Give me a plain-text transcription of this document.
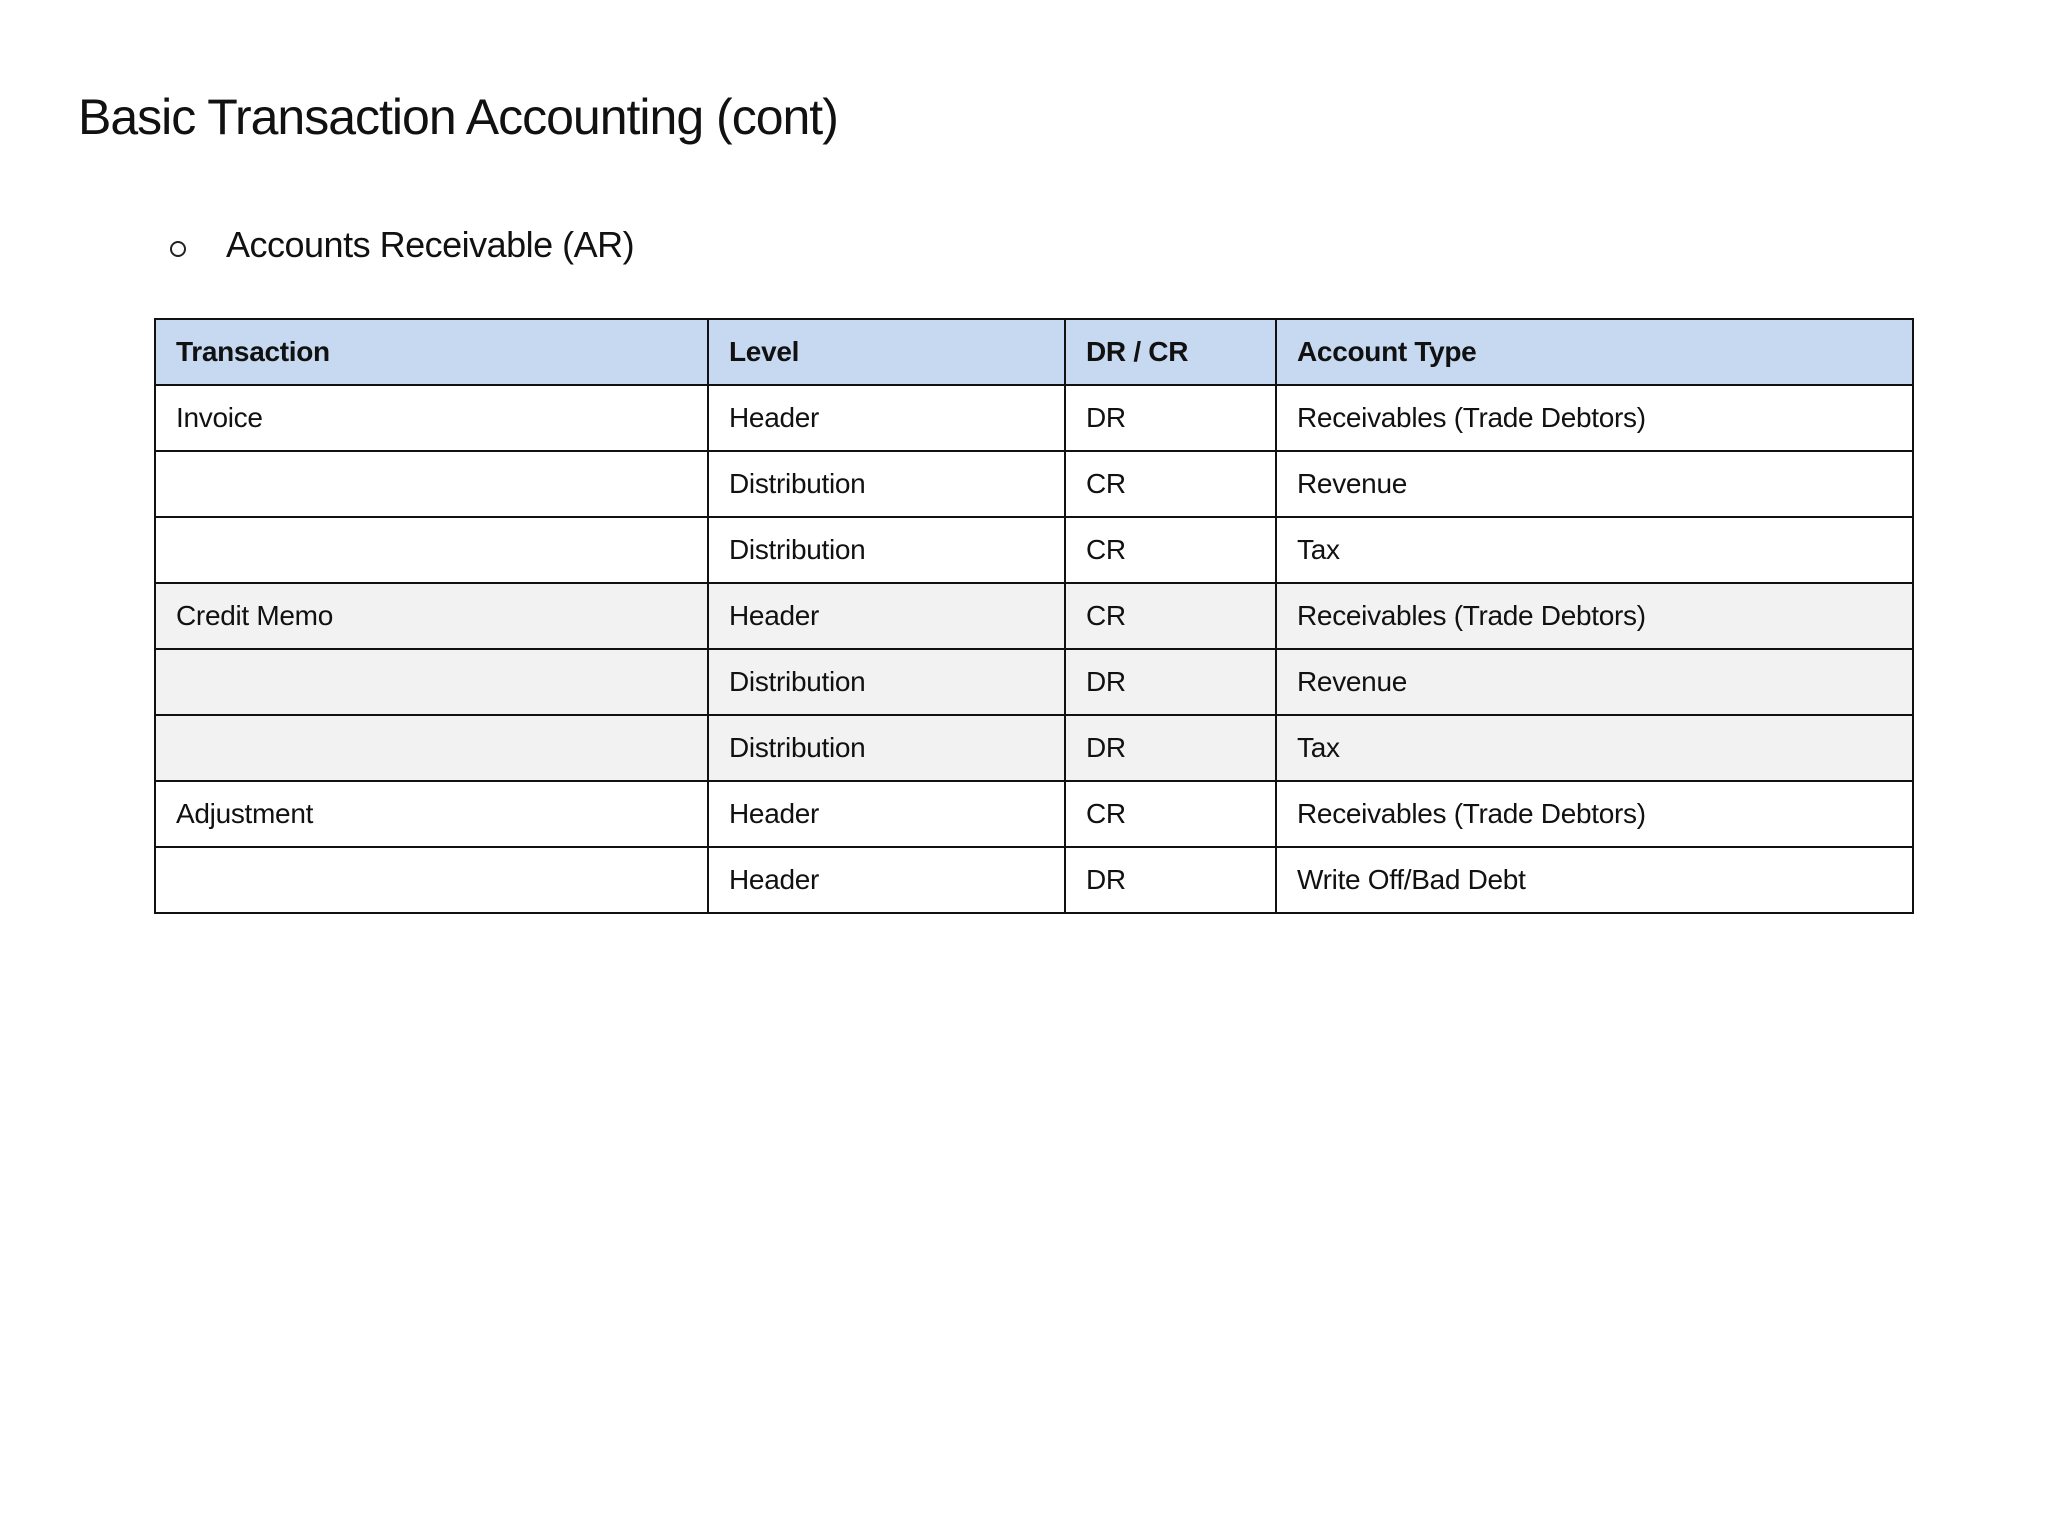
Basic Transaction Accounting (cont)
Accounts Receivable (AR)
Transaction	Level	DR / CR	Account Type
Invoice	Header	DR	Receivables (Trade Debtors)
	Distribution	CR	Revenue
	Distribution	CR	Tax
Credit Memo	Header	CR	Receivables (Trade Debtors)
	Distribution	DR	Revenue
	Distribution	DR	Tax
Adjustment	Header	CR	Receivables (Trade Debtors)
	Header	DR	Write Off/Bad Debt
